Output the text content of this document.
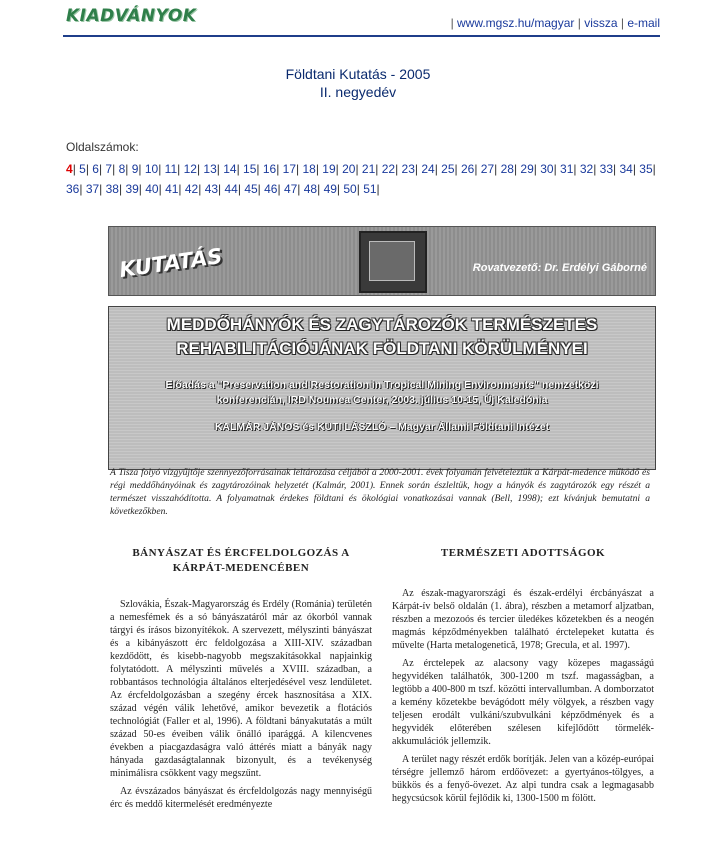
KIADVÁNYOK	| www.mgsz.hu/magyar | vissza | e-mail
Földtani Kutatás - 2005
II. negyedév
Oldalszámok:
4| 5| 6| 7| 8| 9| 10| 11| 12| 13| 14| 15| 16| 17| 18| 19| 20| 21| 22| 23| 24| 25| 26| 27| 28| 29| 30| 31| 32| 33| 34| 35| 36| 37| 38| 39| 40| 41| 42| 43| 44| 45| 46| 47| 48| 49| 50| 51|
KUTATÁS	Rovatvezető: Dr. Erdélyi Gáborné
MEDDŐHÁNYÓK ÉS ZAGYTÁROZÓK TERMÉSZETES
REHABILITÁCIÓJÁNAK FÖLDTANI KÖRÜLMÉNYEI
Előadás a "Preservation and Restoration in Tropical Mining Environments" nemzetközi
konferencián, IRD Noumea Center, 2003. július 10-15, Új Kaledónia
KALMÁR JÁNOS és KUTI LÁSZLÓ – Magyar Állami Földtani Intézet
A Tisza folyó vízgyűjtője szennyezőforrásainak leltározása céljából a 2000-2001. évek folyamán felvételeztük a Kárpát-medence működő és régi meddőhányóinak és zagytározóinak helyzetét (Kalmár, 2001). Ennek során észleltük, hogy a hányók és zagytározók egy részét a természet visszahódította. A folyamatnak érdekes földtani és ökológiai vonatkozásai vannak (Bell, 1998); ezt kívánjuk bemutatni a következőkben.
BÁNYÁSZAT ÉS ÉRCFELDOLGOZÁS A KÁRPÁT-MEDENCÉBEN

Szlovákia, Észak-Magyarország és Erdély (Románia) területén a nemesfémek és a só bányászatáról már az ókorból vannak tárgyi és írásos bizonyítékok. A szervezett, mélyszinti bányászat és a kibányászott érc feldolgozása a XIII-XIV. században kezdődött, és kisebb-nagyobb megszakításokkal napjainkig folytatódott. A mélyszinti művelés a XVIII. században, a robbantásos technológia általános elterjedésével vesz lendületet. Az ércfeldolgozásban a szegény ércek hasznosítása a XIX. század végén válik lehetővé, amikor bevezetik a flotációs technológiát (Faller et al, 1996). A földtani bányakutatás a múlt század 50-es éveiben válik önálló iparággá. A kilencvenes években a piacgazdaságra való áttérés miatt a bányák nagy hányada gazdaságtalannak bizonyult, és a tevékenység minimálisra csökkent vagy megszűnt.

Az évszázados bányászat és ércfeldolgozás nagy mennyiségű érc és meddő kitermelését eredményezte

TERMÉSZETI ADOTTSÁGOK

Az észak-magyarországi és észak-erdélyi ércbányászat a Kárpát-ív belső oldalán (1. ábra), részben a metamorf aljzatban, részben a mezozoós és tercier üledékes kőzetekben és a neogén magmás képződményekben található érctelepeket kutatta és művelte (Harta metalogenetică, 1978; Grecula, et al. 1997).

Az érctelepek az alacsony vagy közepes magasságú hegyvidéken találhatók, 300-1200 m tszf. magasságban, a legtöbb a 400-800 m tszf. közötti intervallumban. A domborzatot a kemény kőzetekbe bevágódott mély völgyek, a részben vagy teljesen erodált vulkáni/szubvulkáni képződmények és a hegyvidék előterében szélesen kifejlődött törmelék-akkumulációk jellemzik.

A terület nagy részét erdők borítják. Jelen van a közép-európai térségre jellemző három erdőövezet: a gyertyános-tölgyes, a bükkös és a fenyő-övezet. Az alpi tundra csak a legmagasabb hegycsúcsok körül fejlődik ki, 1300-1500 m fölött.
